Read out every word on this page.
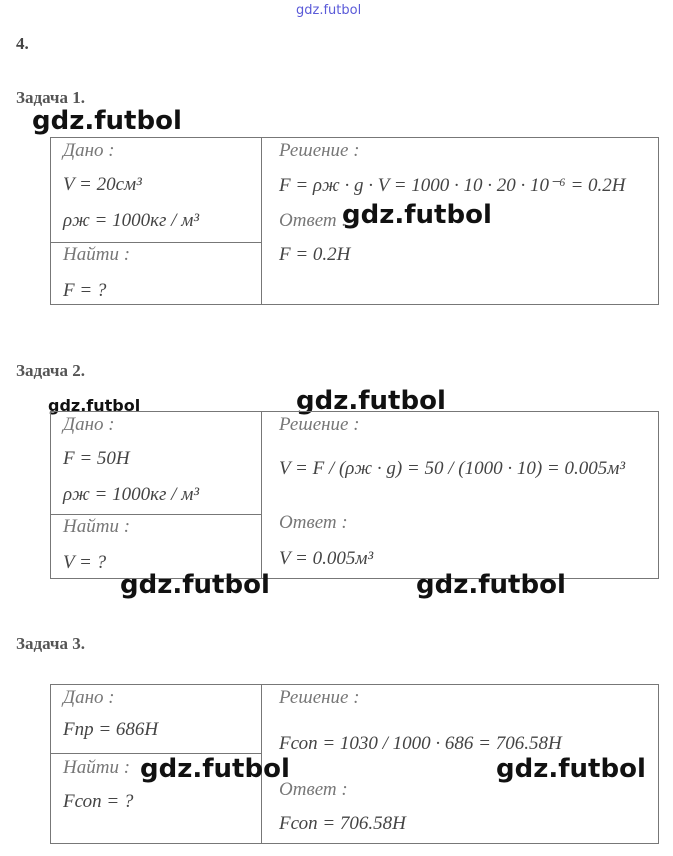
gdz.futbol
4.
Задача 1.
gdz.futbol
Дано :
V = 20см³
ρж = 1000кг / м³
Найти :
F = ?
Решение :
F = ρж · g · V = 1000 · 10 · 20 · 10⁻⁶ = 0.2H
Ответ :
F = 0.2H
gdz.futbol
Задача 2.
gdz.futbol	gdz.futbol
Дано :
F = 50H
ρж = 1000кг / м³
Найти :
V = ?
Решение :
V = F / (ρж · g) = 50 / (1000 · 10) = 0.005м³
Ответ :
V = 0.005м³
gdz.futbol	gdz.futbol
Задача 3.
Дано :
Fпр = 686H
Найти :
Fсоп = ?
Решение :
Fсоп = 1030 / 1000 · 686 = 706.58H
Ответ :
Fсоп = 706.58H
gdz.futbol	gdz.futbol
